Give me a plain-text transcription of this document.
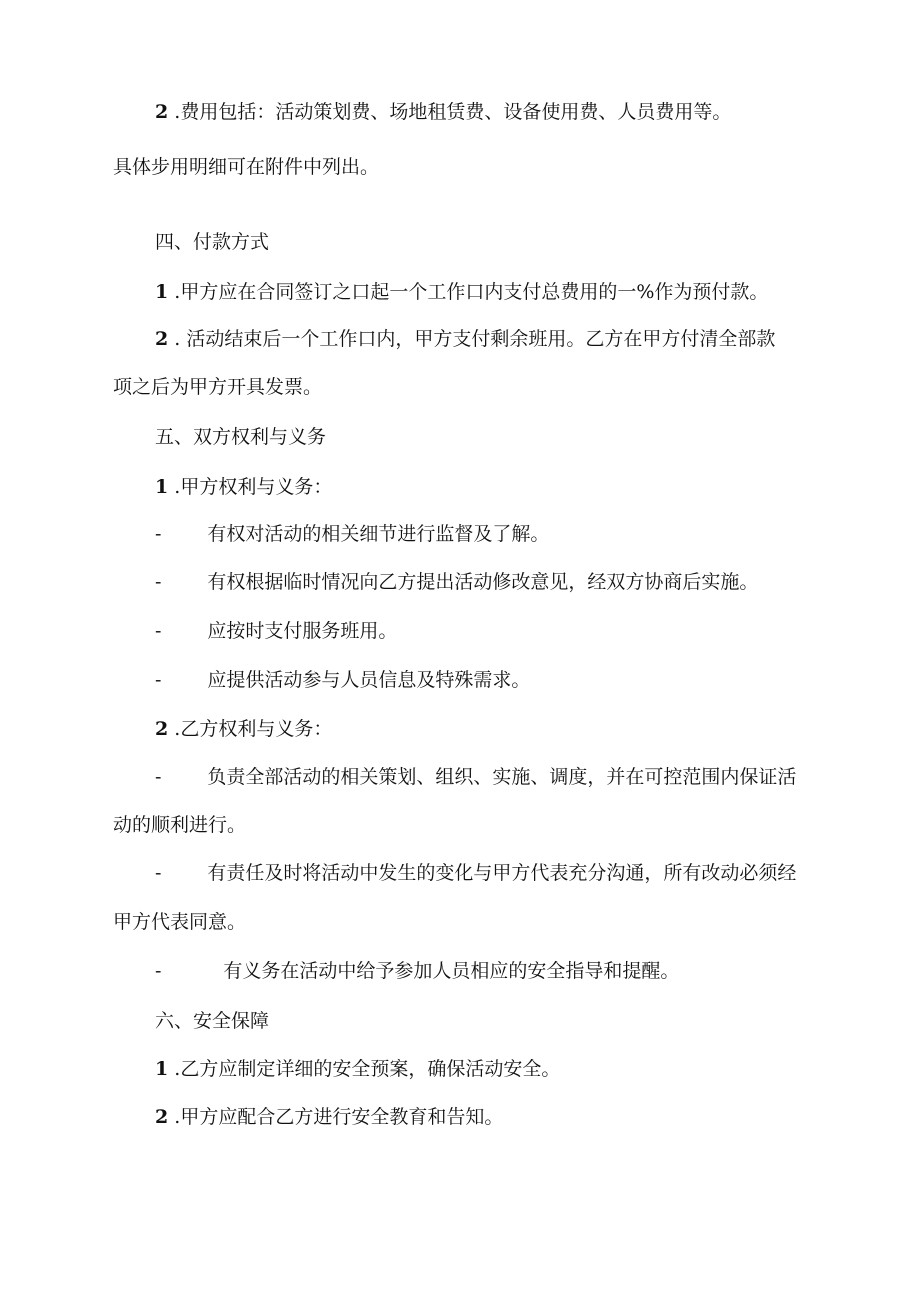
2 .费用包括：活动策划费、场地租赁费、设备使用费、人员费用等。
具体步用明细可在附件中列出。
四、付款方式
1 .甲方应在合同签订之口起一个工作口内支付总费用的一%作为预付款。
2 . 活动结束后一个工作口内，甲方支付剩余班用。乙方在甲方付清全部款
项之后为甲方开具发票。
五、双方权利与义务
1 .甲方权利与义务：
- 有权对活动的相关细节进行监督及了解。
- 有权根据临时情况向乙方提出活动修改意见，经双方协商后实施。
- 应按时支付服务班用。
- 应提供活动参与人员信息及特殊需求。
2 .乙方权利与义务：
- 负责全部活动的相关策划、组织、实施、调度，并在可控范围内保证活
动的顺利进行。
- 有责任及时将活动中发生的变化与甲方代表充分沟通，所有改动必须经
甲方代表同意。
-	有义务在活动中给予参加人员相应的安全指导和提醒。
六、安全保障
1 .乙方应制定详细的安全预案，确保活动安全。
2 .甲方应配合乙方进行安全教育和告知。
